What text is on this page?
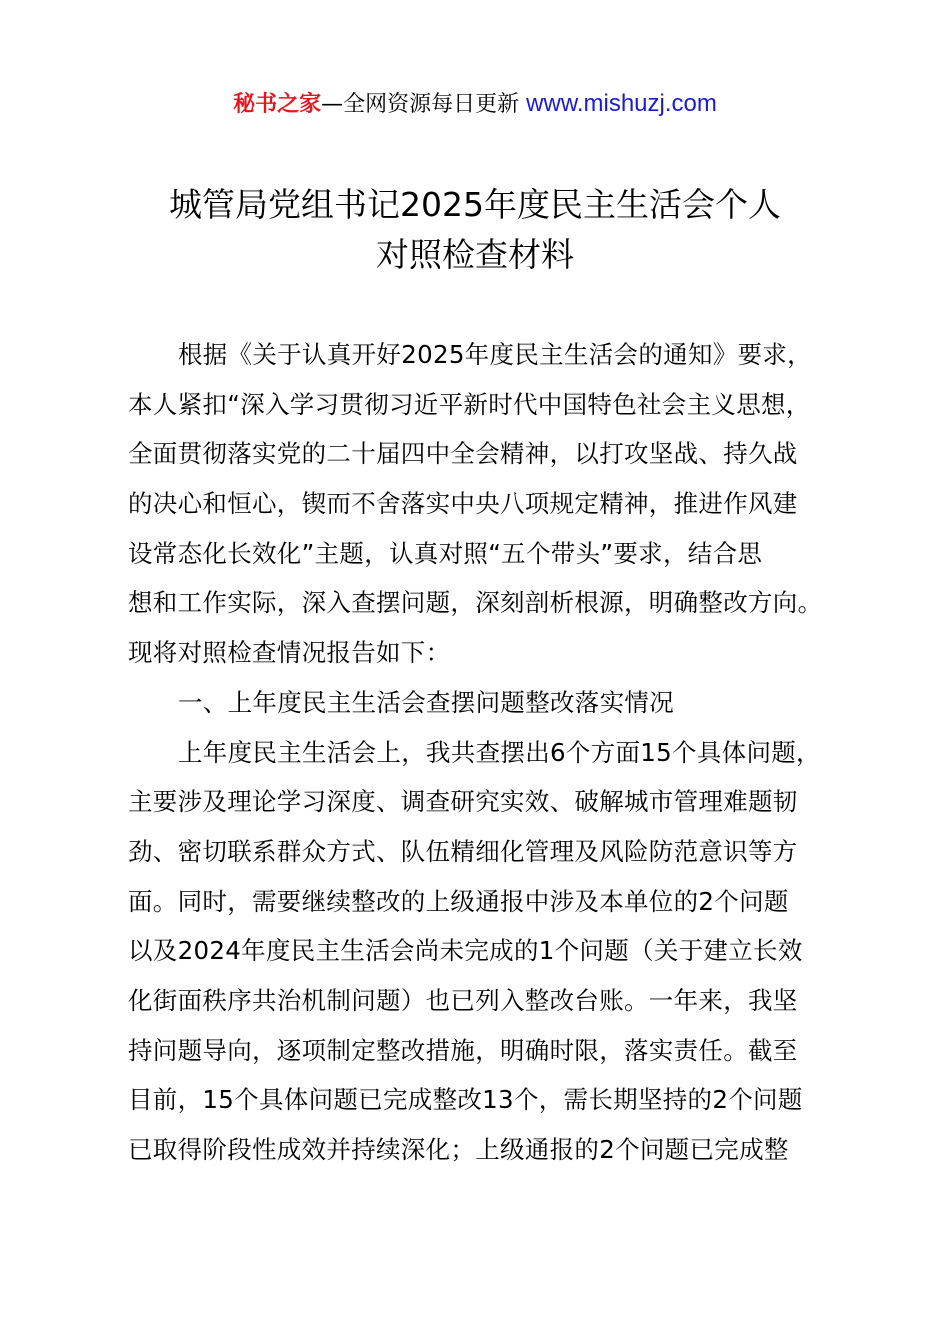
秘书之家—全网资源每日更新 www.mishuzj.com
城管局党组书记2025年度民主生活会个人
对照检查材料
根据《关于认真开好2025年度民主生活会的通知》要求，
本人紧扣“深入学习贯彻习近平新时代中国特色社会主义思想，
全面贯彻落实党的二十届四中全会精神，以打攻坚战、持久战
的决心和恒心，锲而不舍落实中央八项规定精神，推进作风建
设常态化长效化”主题，认真对照“五个带头”要求，结合思
想和工作实际，深入查摆问题，深刻剖析根源，明确整改方向。
现将对照检查情况报告如下：
一、上年度民主生活会查摆问题整改落实情况
上年度民主生活会上，我共查摆出6个方面15个具体问题，
主要涉及理论学习深度、调查研究实效、破解城市管理难题韧
劲、密切联系群众方式、队伍精细化管理及风险防范意识等方
面。同时，需要继续整改的上级通报中涉及本单位的2个问题
以及2024年度民主生活会尚未完成的1个问题（关于建立长效
化街面秩序共治机制问题）也已列入整改台账。一年来，我坚
持问题导向，逐项制定整改措施，明确时限，落实责任。截至
目前，15个具体问题已完成整改13个，需长期坚持的2个问题
已取得阶段性成效并持续深化；上级通报的2个问题已完成整
